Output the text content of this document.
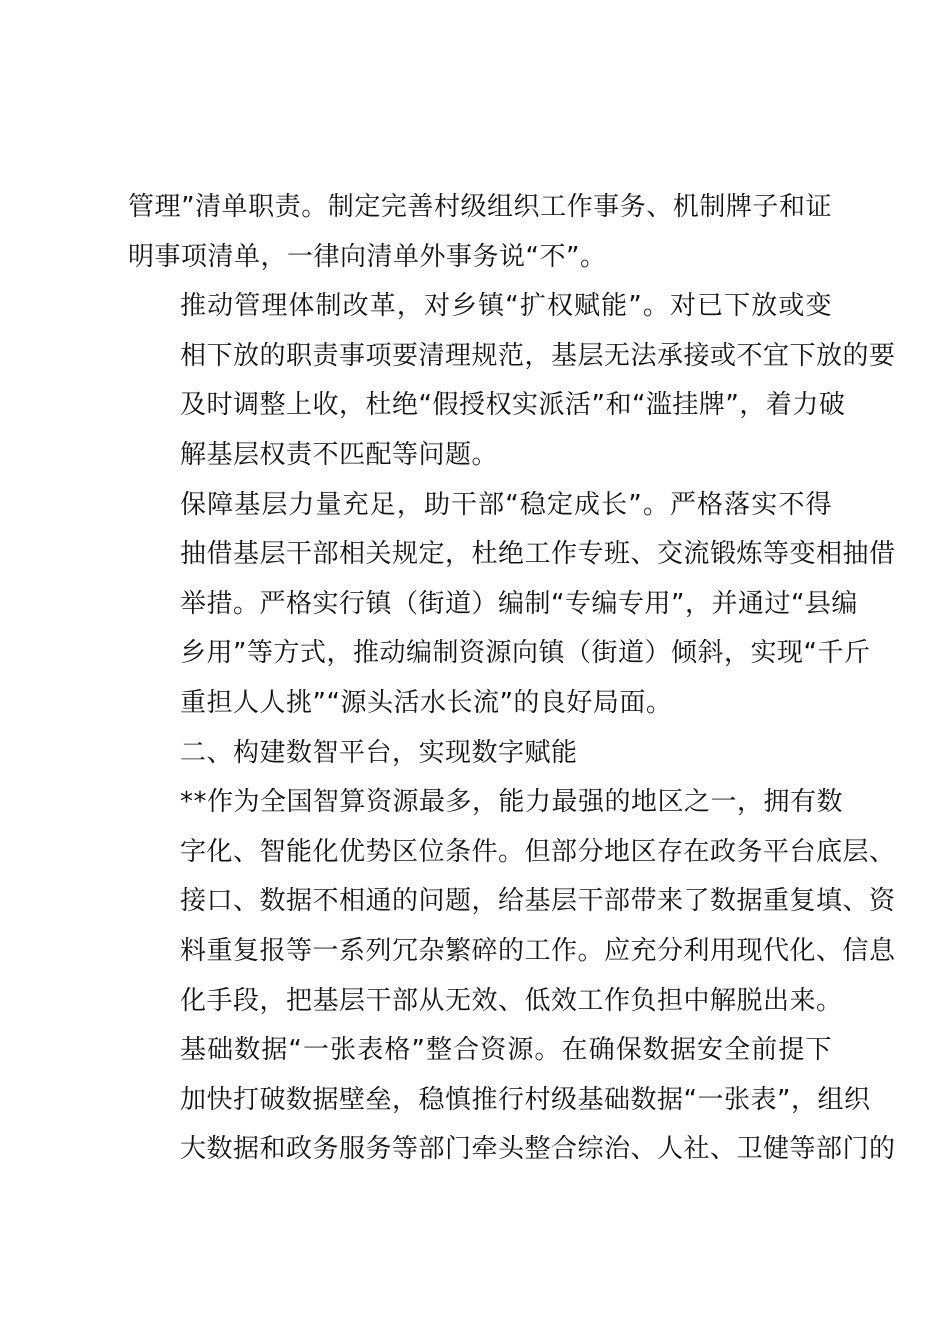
管理”清单职责。制定完善村级组织工作事务、机制牌子和证
明事项清单，一律向清单外事务说“不”。

推动管理体制改革，对乡镇“扩权赋能”。对已下放或变
相下放的职责事项要清理规范，基层无法承接或不宜下放的要
及时调整上收，杜绝“假授权实派活”和“滥挂牌”，着力破
解基层权责不匹配等问题。

保障基层力量充足，助干部“稳定成长”。严格落实不得
抽借基层干部相关规定，杜绝工作专班、交流锻炼等变相抽借
举措。严格实行镇（街道）编制“专编专用”，并通过“县编
乡用”等方式，推动编制资源向镇（街道）倾斜，实现“千斤
重担人人挑”“源头活水长流”的良好局面。

二、构建数智平台，实现数字赋能

**作为全国智算资源最多，能力最强的地区之一，拥有数
字化、智能化优势区位条件。但部分地区存在政务平台底层、
接口、数据不相通的问题，给基层干部带来了数据重复填、资
料重复报等一系列冗杂繁碎的工作。应充分利用现代化、信息
化手段，把基层干部从无效、低效工作负担中解脱出来。

基础数据“一张表格”整合资源。在确保数据安全前提下
加快打破数据壁垒，稳慎推行村级基础数据“一张表”，组织
大数据和政务服务等部门牵头整合综治、人社、卫健等部门的
